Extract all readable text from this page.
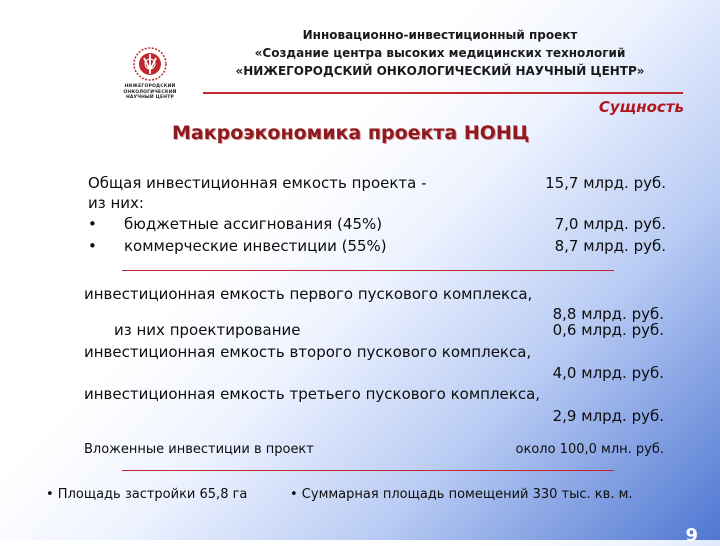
НИЖЕГОРОДСКИЙ
ОНКОЛОГИЧЕСКИЙ
НАУЧНЫЙ ЦЕНТР
Инновационно-инвестиционный проект
«Создание центра высоких медицинских технологий
«НИЖЕГОРОДСКИЙ ОНКОЛОГИЧЕСКИЙ НАУЧНЫЙ ЦЕНТР»
Сущность
Макроэкономика проекта НОНЦ
Общая инвестиционная емкость проекта -	15,7 млрд. руб.
из них:
• бюджетные ассигнования (45%)	7,0 млрд. руб.
• коммерческие инвестиции (55%)	8,7 млрд. руб.
инвестиционная емкость первого пускового комплекса,
8,8 млрд. руб.
из них проектирование	0,6 млрд. руб.
инвестиционная емкость второго пускового комплекса,
4,0 млрд. руб.
инвестиционная емкость третьего пускового комплекса,
2,9 млрд. руб.
Вложенные инвестиции в проект	около 100,0 млн. руб.
• Площадь застройки 65,8 га	• Суммарная площадь помещений 330 тыс. кв. м.
9
